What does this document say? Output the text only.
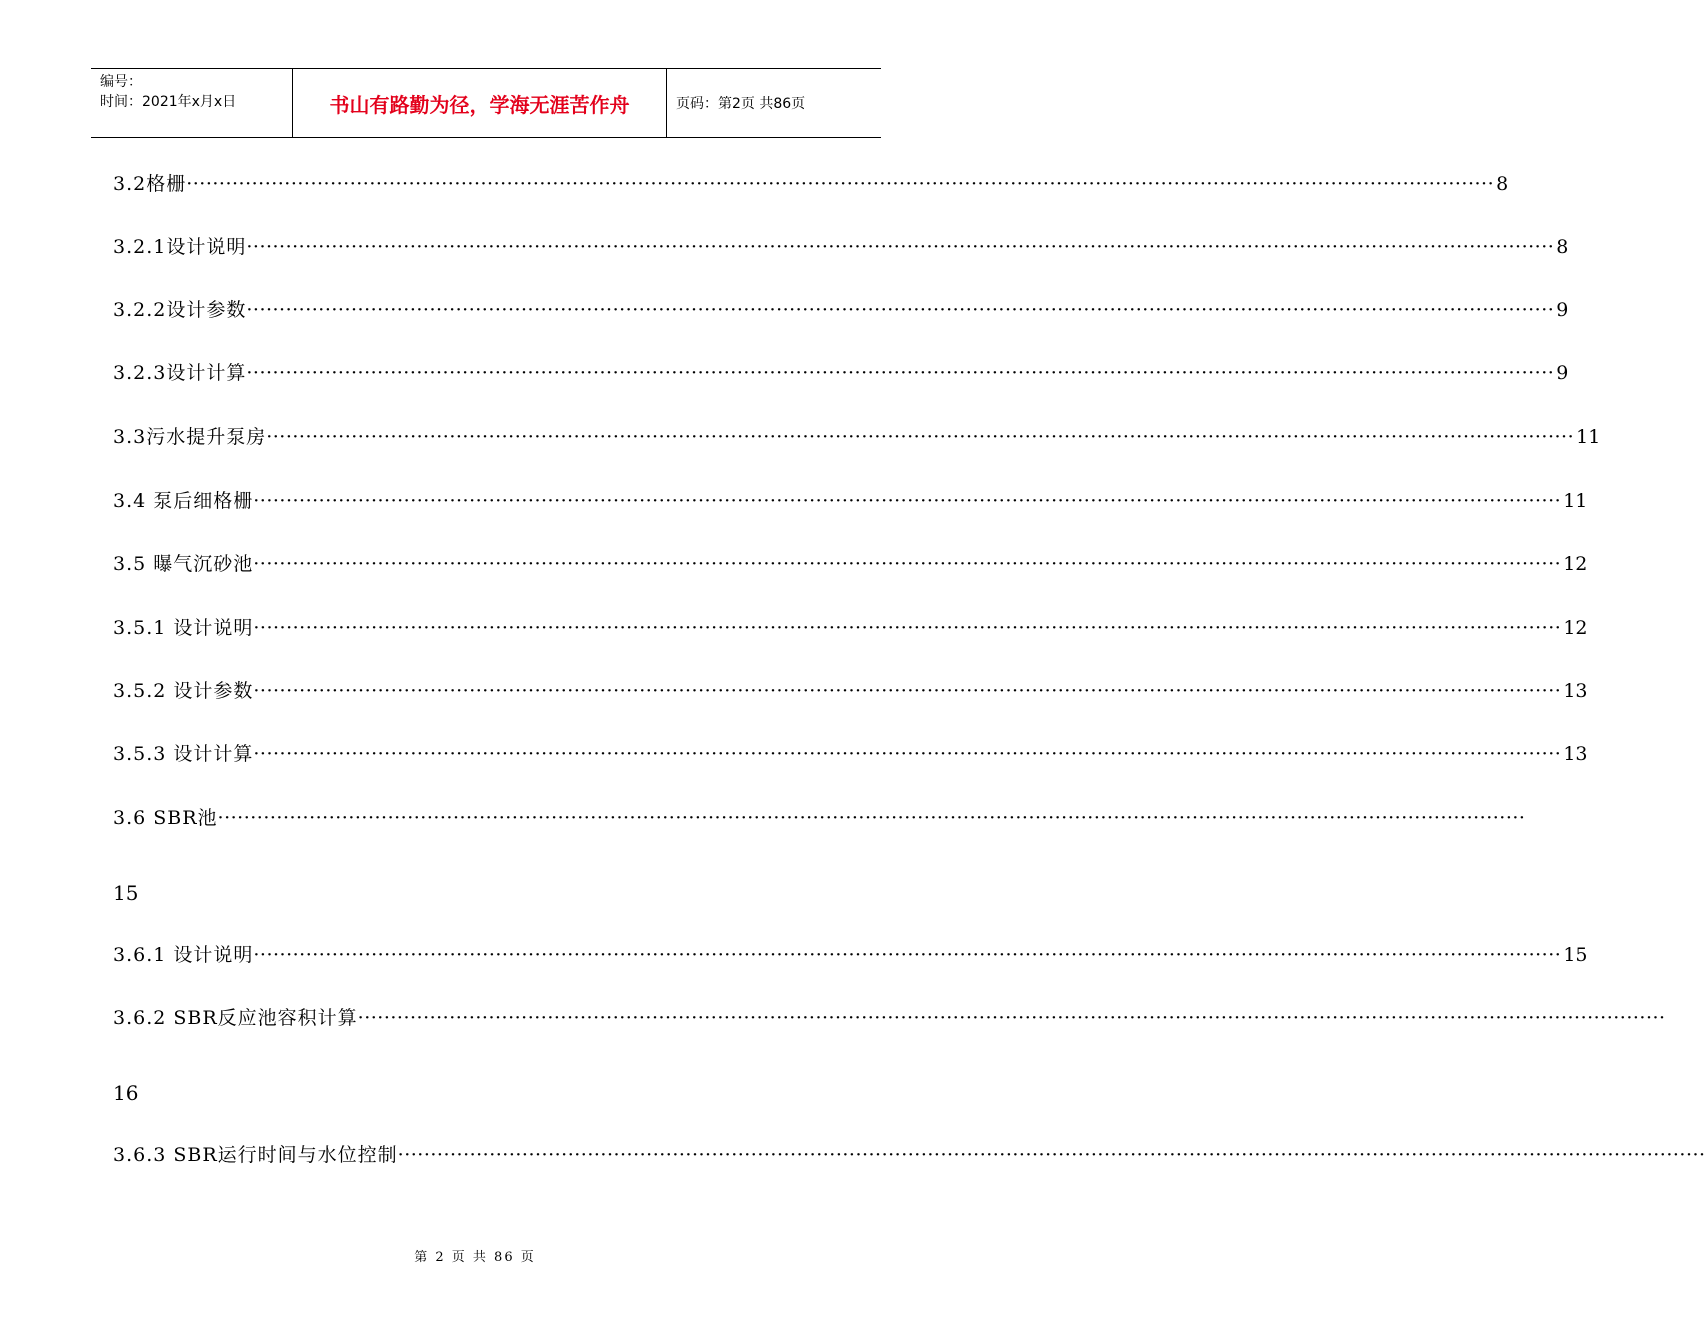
编号：
时间：2021年x月x日	书山有路勤为径，学海无涯苦作舟	页码：第2页 共86页
3.2格栅 ········································································································································································································ 8
3.2.1设计说明 ········································································································································································································ 8
3.2.2设计参数 ········································································································································································································ 9
3.2.3设计计算 ········································································································································································································ 9
3.3污水提升泵房 ········································································································································································································ 11
3.4 泵后细格栅 ········································································································································································································ 11
3.5 曝气沉砂池 ········································································································································································································ 12
3.5.1 设计说明 ········································································································································································································ 12
3.5.2 设计参数 ········································································································································································································ 13
3.5.3 设计计算 ········································································································································································································ 13
3.6 SBR池 ········································································································································································································
15
3.6.1 设计说明 ········································································································································································································ 15
3.6.2 SBR反应池容积计算 ········································································································································································································
16
3.6.3 SBR运行时间与水位控制 ········································································································································································································
第 2 页 共 86 页
